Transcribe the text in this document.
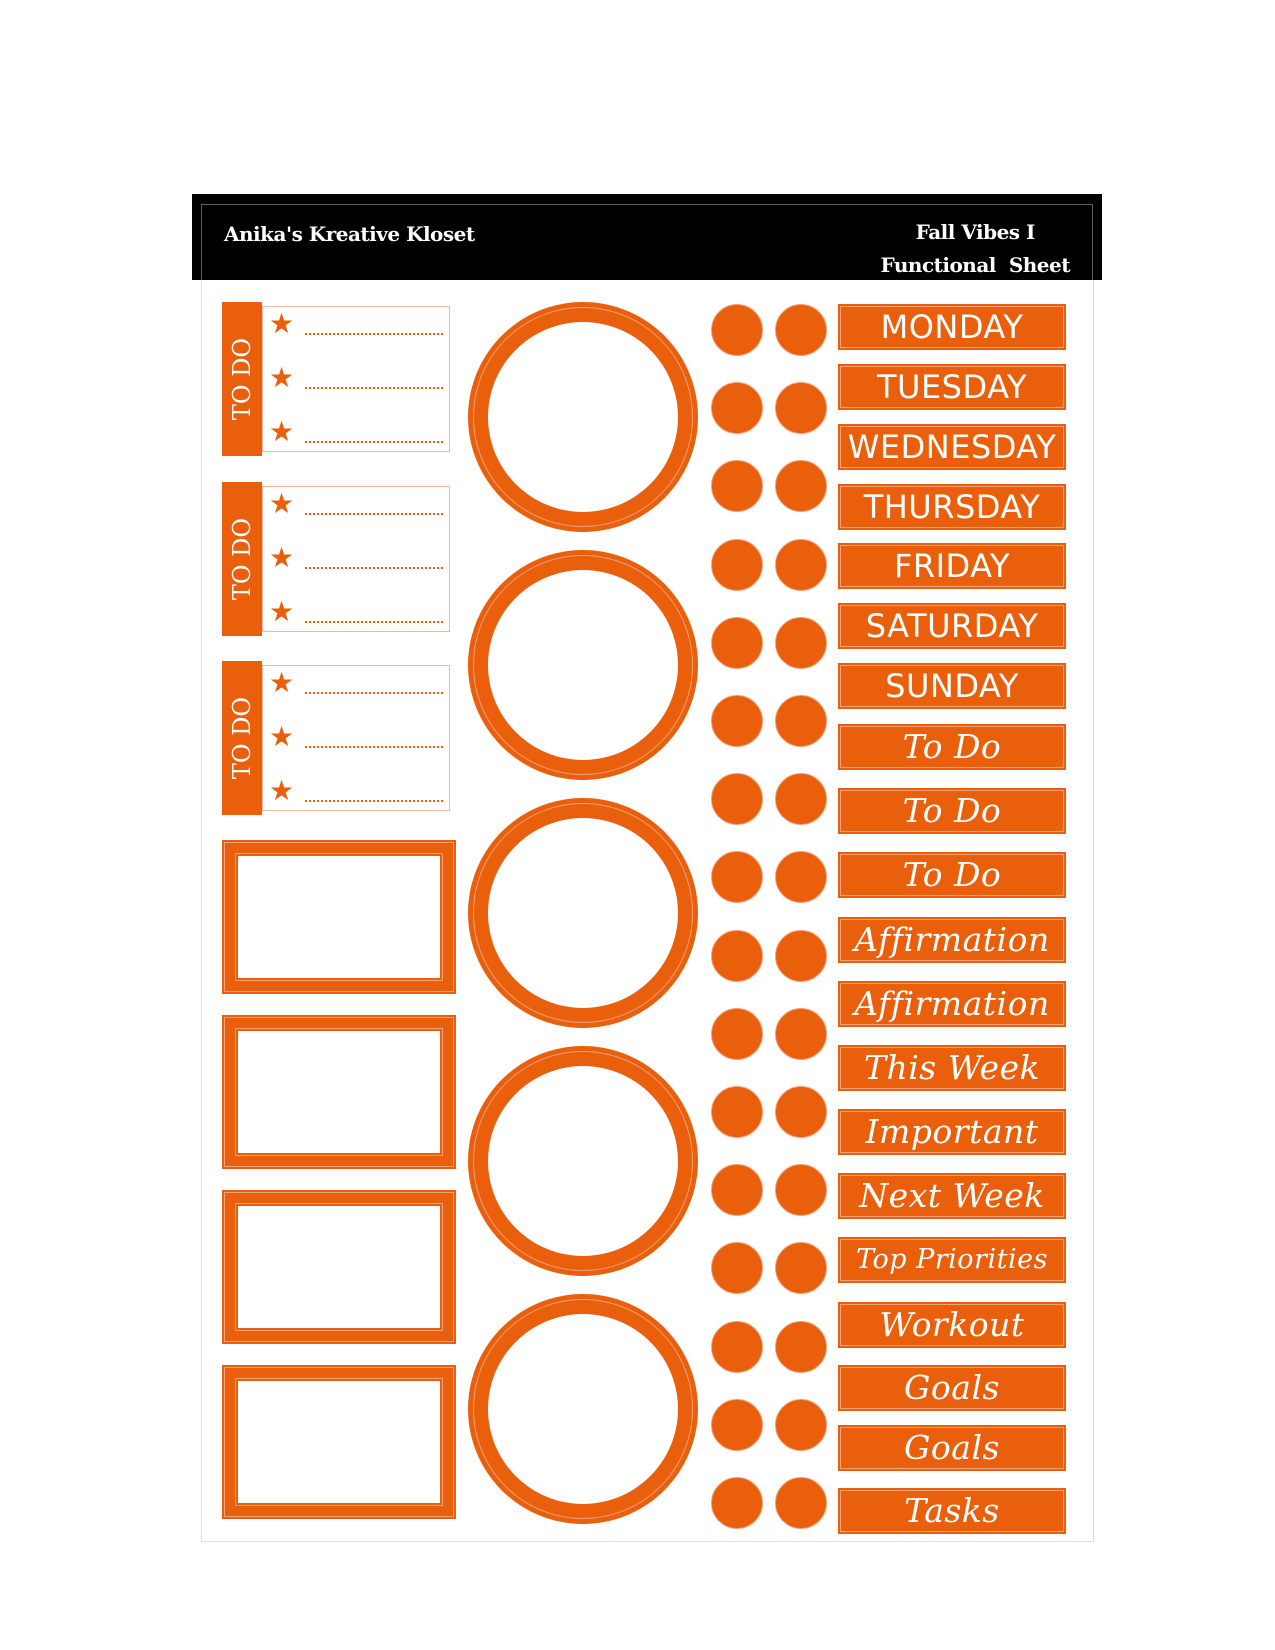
Anika's Kreative Kloset	Fall Vibes I
Functional  Sheet
TO DO
★
★
★
TO DO
★
★
★
TO DO
★
★
★
MONDAY
TUESDAY
WEDNESDAY
THURSDAY
FRIDAY
SATURDAY
SUNDAY
To Do
To Do
To Do
Affirmation
Affirmation
This Week
Important
Next Week
Top Priorities
Workout
Goals
Goals
Tasks
